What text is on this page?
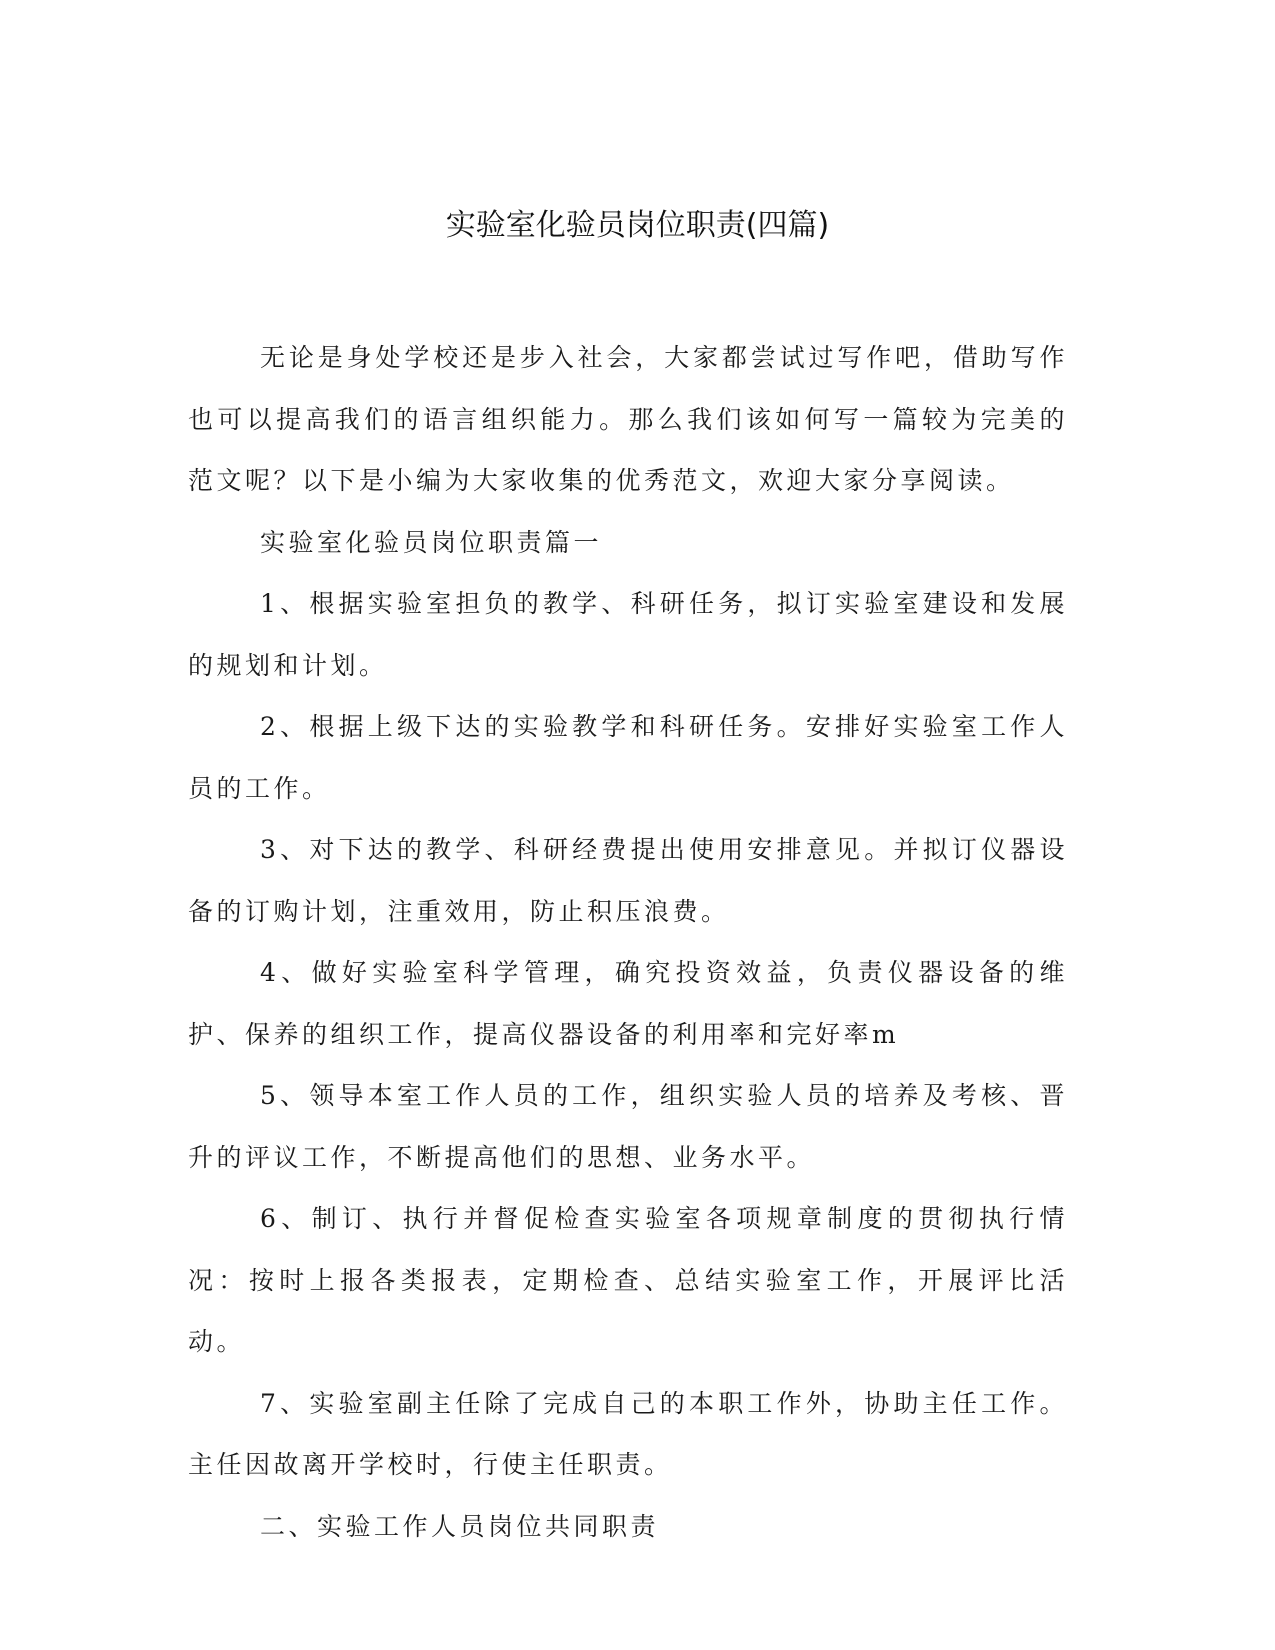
实验室化验员岗位职责(四篇)

无论是身处学校还是步入社会，大家都尝试过写作吧，借助写作也可以提高我们的语言组织能力。那么我们该如何写一篇较为完美的范文呢？以下是小编为大家收集的优秀范文，欢迎大家分享阅读。

实验室化验员岗位职责篇一

1、根据实验室担负的教学、科研任务，拟订实验室建设和发展的规划和计划。

2、根据上级下达的实验教学和科研任务。安排好实验室工作人员的工作。

3、对下达的教学、科研经费提出使用安排意见。并拟订仪器设备的订购计划，注重效用，防止积压浪费。

4、做好实验室科学管理，确究投资效益，负责仪器设备的维护、保养的组织工作，提高仪器设备的利用率和完好率m

5、领导本室工作人员的工作，组织实验人员的培养及考核、晋升的评议工作，不断提高他们的思想、业务水平。

6、制订、执行并督促检查实验室各项规章制度的贯彻执行情况：按时上报各类报表，定期检查、总结实验室工作，开展评比活动。

7、实验室副主任除了完成自己的本职工作外，协助主任工作。主任因故离开学校时，行使主任职责。

二、实验工作人员岗位共同职责
